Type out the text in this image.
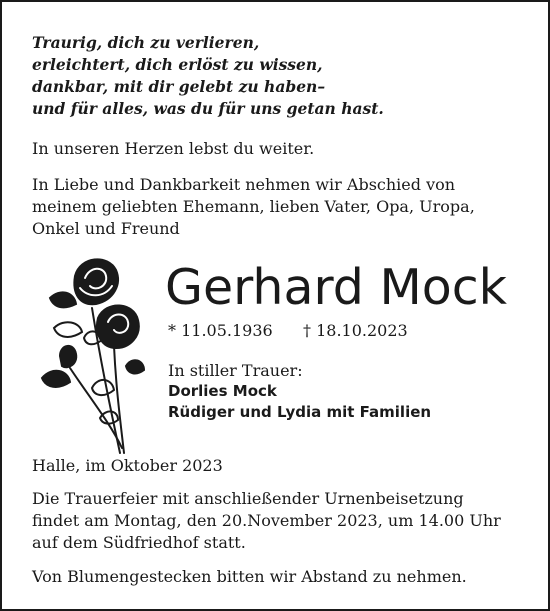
Traurig, dich zu verlieren,
erleichtert, dich erlöst zu wissen,
dankbar, mit dir gelebt zu haben–
und für alles, was du für uns getan hast.
In unseren Herzen lebst du weiter.
In Liebe und Dankbarkeit nehmen wir Abschied von
meinem geliebten Ehemann, lieben Vater, Opa, Uropa,
Onkel und Freund
Gerhard Mock
* 11.05.1936 † 18.10.2023
In stiller Trauer:
Dorlies Mock
Rüdiger und Lydia mit Familien
Halle, im Oktober 2023
Die Trauerfeier mit anschließender Urnenbeisetzung
findet am Montag, den 20.November 2023, um 14.00 Uhr
auf dem Südfriedhof statt.
Von Blumengestecken bitten wir Abstand zu nehmen.
